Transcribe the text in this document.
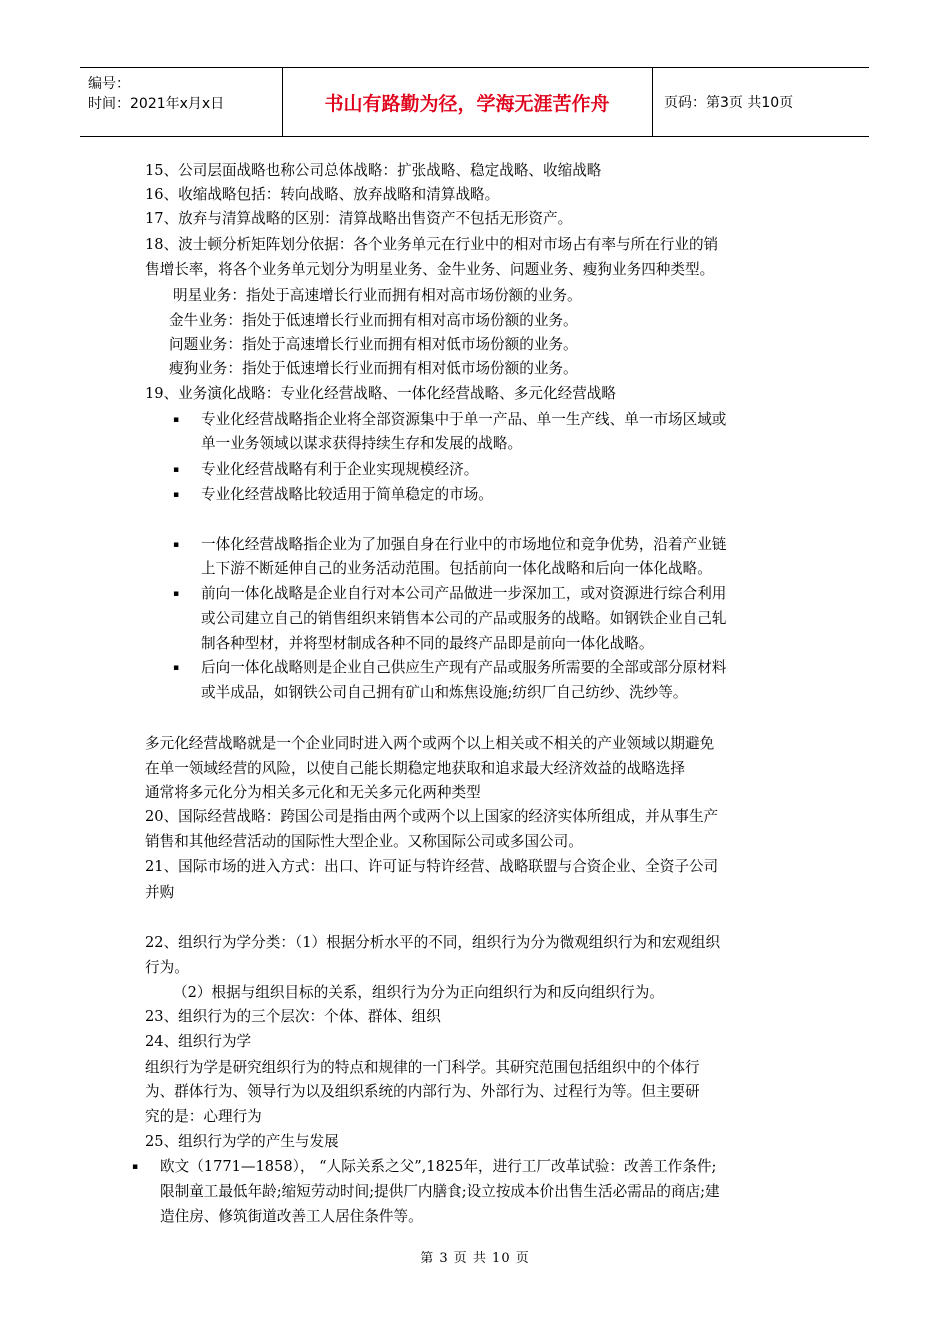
编号：
时间：2021年x月x日	书山有路勤为径，学海无涯苦作舟	页码：第3页 共10页
15、公司层面战略也称公司总体战略：扩张战略、稳定战略、收缩战略
16、收缩战略包括：转向战略、放弃战略和清算战略。
17、放弃与清算战略的区别：清算战略出售资产不包括无形资产。
18、波士顿分析矩阵划分依据：各个业务单元在行业中的相对市场占有率与所在行业的销
售增长率，将各个业务单元划分为明星业务、金牛业务、问题业务、瘦狗业务四种类型。
明星业务：指处于高速增长行业而拥有相对高市场份额的业务。
金牛业务：指处于低速增长行业而拥有相对高市场份额的业务。
问题业务：指处于高速增长行业而拥有相对低市场份额的业务。
瘦狗业务：指处于低速增长行业而拥有相对低市场份额的业务。
19、业务演化战略：专业化经营战略、一体化经营战略、多元化经营战略
▪ 专业化经营战略指企业将全部资源集中于单一产品、单一生产线、单一市场区域或
单一业务领域以谋求获得持续生存和发展的战略。
▪ 专业化经营战略有利于企业实现规模经济。
▪ 专业化经营战略比较适用于简单稳定的市场。
▪ 一体化经营战略指企业为了加强自身在行业中的市场地位和竞争优势，沿着产业链
上下游不断延伸自己的业务活动范围。包括前向一体化战略和后向一体化战略。
▪ 前向一体化战略是企业自行对本公司产品做进一步深加工，或对资源进行综合利用
或公司建立自己的销售组织来销售本公司的产品或服务的战略。如钢铁企业自己轧
制各种型材，并将型材制成各种不同的最终产品即是前向一体化战略。
▪ 后向一体化战略则是企业自己供应生产现有产品或服务所需要的全部或部分原材料
或半成品，如钢铁公司自己拥有矿山和炼焦设施;纺织厂自己纺纱、洗纱等。
多元化经营战略就是一个企业同时进入两个或两个以上相关或不相关的产业领域以期避免
在单一领域经营的风险，以使自己能长期稳定地获取和追求最大经济效益的战略选择
通常将多元化分为相关多元化和无关多元化两种类型
20、国际经营战略：跨国公司是指由两个或两个以上国家的经济实体所组成，并从事生产
销售和其他经营活动的国际性大型企业。又称国际公司或多国公司。
21、国际市场的进入方式：出口、许可证与特许经营、战略联盟与合资企业、全资子公司
并购
22、组织行为学分类：（1）根据分析水平的不同，组织行为分为微观组织行为和宏观组织
行为。
（2）根据与组织目标的关系，组织行为分为正向组织行为和反向组织行为。
23、组织行为的三个层次：个体、群体、组织
24、组织行为学
组织行为学是研究组织行为的特点和规律的一门科学。其研究范围包括组织中的个体行
为、群体行为、领导行为以及组织系统的内部行为、外部行为、过程行为等。但主要研
究的是：心理行为
25、组织行为学的产生与发展
▪ 欧文（1771—1858）， “人际关系之父”,1825年，进行工厂改革试验：改善工作条件;
限制童工最低年龄;缩短劳动时间;提供厂内膳食;设立按成本价出售生活必需品的商店;建
造住房、修筑街道改善工人居住条件等。
第 3 页 共 10 页
